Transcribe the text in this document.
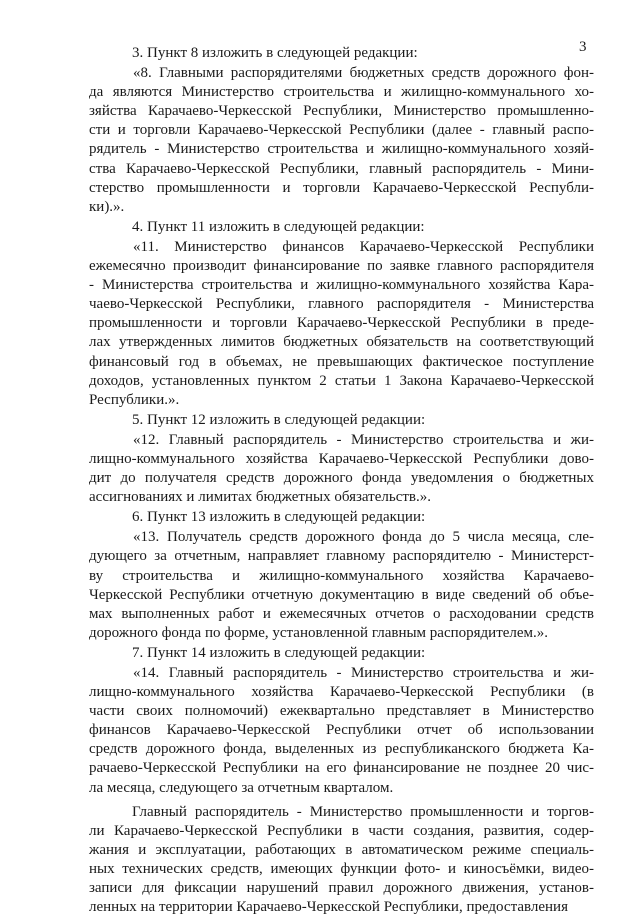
3
3. Пункт 8 изложить в следующей редакции:
«8. Главными распорядителями бюджетных средств дорожного фон-
да являются Министерство строительства и жилищно-коммунального хо-
зяйства Карачаево-Черкесской Республики, Министерство промышленно-
сти и торговли Карачаево-Черкесской Республики (далее - главный распо-
рядитель - Министерство строительства и жилищно-коммунального хозяй-
ства Карачаево-Черкесской Республики, главный распорядитель - Мини-
стерство промышленности и торговли Карачаево-Черкесской Республи-
ки).».
4. Пункт 11 изложить в следующей редакции:
«11. Министерство финансов Карачаево-Черкесской Республики
ежемесячно производит финансирование по заявке главного распорядителя
- Министерства строительства и жилищно-коммунального хозяйства Кара-
чаево-Черкесской Республики, главного распорядителя - Министерства
промышленности и торговли Карачаево-Черкесской Республики в преде-
лах утвержденных лимитов бюджетных обязательств на соответствующий
финансовый год в объемах, не превышающих фактическое поступление
доходов, установленных пунктом 2 статьи 1 Закона Карачаево-Черкесской
Республики.».
5. Пункт 12 изложить в следующей редакции:
«12. Главный распорядитель - Министерство строительства и жи-
лищно-коммунального хозяйства Карачаево-Черкесской Республики дово-
дит до получателя средств дорожного фонда уведомления о бюджетных
ассигнованиях и лимитах бюджетных обязательств.».
6. Пункт 13 изложить в следующей редакции:
«13. Получатель средств дорожного фонда до 5 числа месяца, сле-
дующего за отчетным, направляет главному распорядителю - Министерст-
ву строительства и жилищно-коммунального хозяйства Карачаево-
Черкесской Республики отчетную документацию в виде сведений об объе-
мах выполненных работ и ежемесячных отчетов о расходовании средств
дорожного фонда по форме, установленной главным распорядителем.».
7. Пункт 14 изложить в следующей редакции:
«14. Главный распорядитель - Министерство строительства и жи-
лищно-коммунального хозяйства Карачаево-Черкесской Республики (в
части своих полномочий) ежеквартально представляет в Министерство
финансов Карачаево-Черкесской Республики отчет об использовании
средств дорожного фонда, выделенных из республиканского бюджета Ка-
рачаево-Черкесской Республики на его финансирование не позднее 20 чис-
ла месяца, следующего за отчетным кварталом.
Главный распорядитель - Министерство промышленности и торгов-
ли Карачаево-Черкесской Республики в части создания, развития, содер-
жания и эксплуатации, работающих в автоматическом режиме специаль-
ных технических средств, имеющих функции фото- и киносъёмки, видео-
записи для фиксации нарушений правил дорожного движения, установ-
ленных на территории Карачаево-Черкесской Республики, предоставления
